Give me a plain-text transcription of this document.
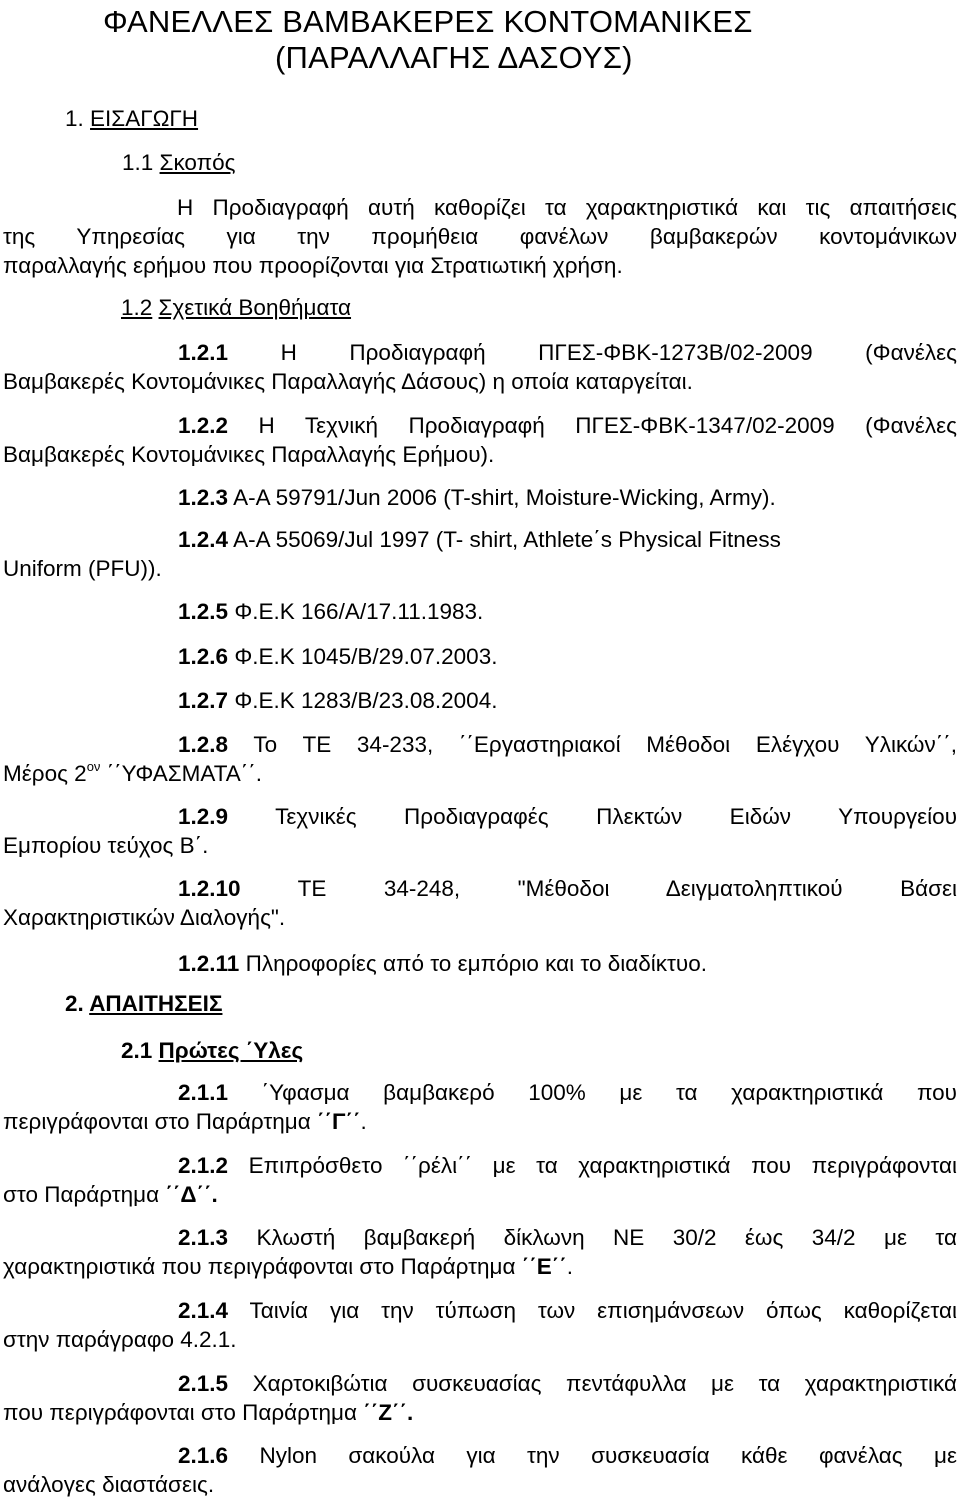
ΦΑΝΕΛΛΕΣ ΒΑΜΒΑΚΕΡΕΣ ΚΟΝΤΟΜΑΝΙΚΕΣ
(ΠΑΡΑΛΛΑΓΗΣ ΔΑΣΟΥΣ)
1. ΕΙΣΑΓΩΓΗ
1.1 Σκοπός
Η Προδιαγραφή αυτή καθορίζει τα χαρακτηριστικά και τις απαιτήσεις
της Υπηρεσίας για την προμήθεια φανέλων βαμβακερών κοντομάνικων
παραλλαγής ερήμου που προορίζονται για Στρατιωτική χρήση.
1.2 Σχετικά Βοηθήματα
1.2.1 Η Προδιαγραφή ΠΓΕΣ-ΦΒΚ-1273Β/02-2009 (Φανέλες
Βαμβακερές Κοντομάνικες Παραλλαγής Δάσους) η οποία καταργείται.
1.2.2 Η Τεχνική Προδιαγραφή ΠΓΕΣ-ΦΒΚ-1347/02-2009 (Φανέλες
Βαμβακερές Κοντομάνικες Παραλλαγής Ερήμου).
1.2.3 A-A 59791/Jun 2006 (T-shirt, Moisture-Wicking, Army).
1.2.4 A-A 55069/Jul 1997 (T- shirt, Athlete΄s Physical Fitness
Uniform (PFU)).
1.2.5 Φ.Ε.Κ 166/Α/17.11.1983.
1.2.6 Φ.Ε.Κ 1045/Β/29.07.2003.
1.2.7 Φ.Ε.Κ 1283/Β/23.08.2004.
1.2.8 Το ΤΕ 34-233, ΄΄Εργαστηριακοί Μέθοδοι Ελέγχου Υλικών΄΄,
Μέρος $2^{o\nu}$ ΄΄ΥΦΑΣΜΑΤΑ΄΄.
1.2.9 Τεχνικές Προδιαγραφές Πλεκτών Ειδών Υπουργείου
Εμπορίου τεύχος Β΄.
1.2.10	ΤΕ 34-248, "Μέθοδοι Δειγματοληπτικού Βάσει
Χαρακτηριστικών Διαλογής".
1.2.11 Πληροφορίες από το εμπόριο και το διαδίκτυο.
2. ΑΠΑΙΤΗΣΕΙΣ
2.1 Πρώτες ΄Υλες
2.1.1 ΄Υφασμα βαμβακερό 100% με τα χαρακτηριστικά που
περιγράφονται στο Παράρτημα ΄΄Γ΄΄.
2.1.2 Επιπρόσθετο ΄΄ρέλι΄΄ με τα χαρακτηριστικά που περιγράφονται
στο Παράρτημα ΄΄Δ΄΄.
2.1.3 Κλωστή βαμβακερή δίκλωνη ΝΕ 30/2 έως 34/2 με τα
χαρακτηριστικά που περιγράφονται στο Παράρτημα ΄΄Ε΄΄.
2.1.4 Ταινία για την τύπωση των επισημάνσεων όπως καθορίζεται
στην παράγραφο 4.2.1.
2.1.5 Χαρτοκιβώτια συσκευασίας πεντάφυλλα με τα χαρακτηριστικά
που περιγράφονται στο Παράρτημα ΄΄Ζ΄΄.
2.1.6 Nylon σακούλα για την συσκευασία κάθε φανέλας με
ανάλογες διαστάσεις.
